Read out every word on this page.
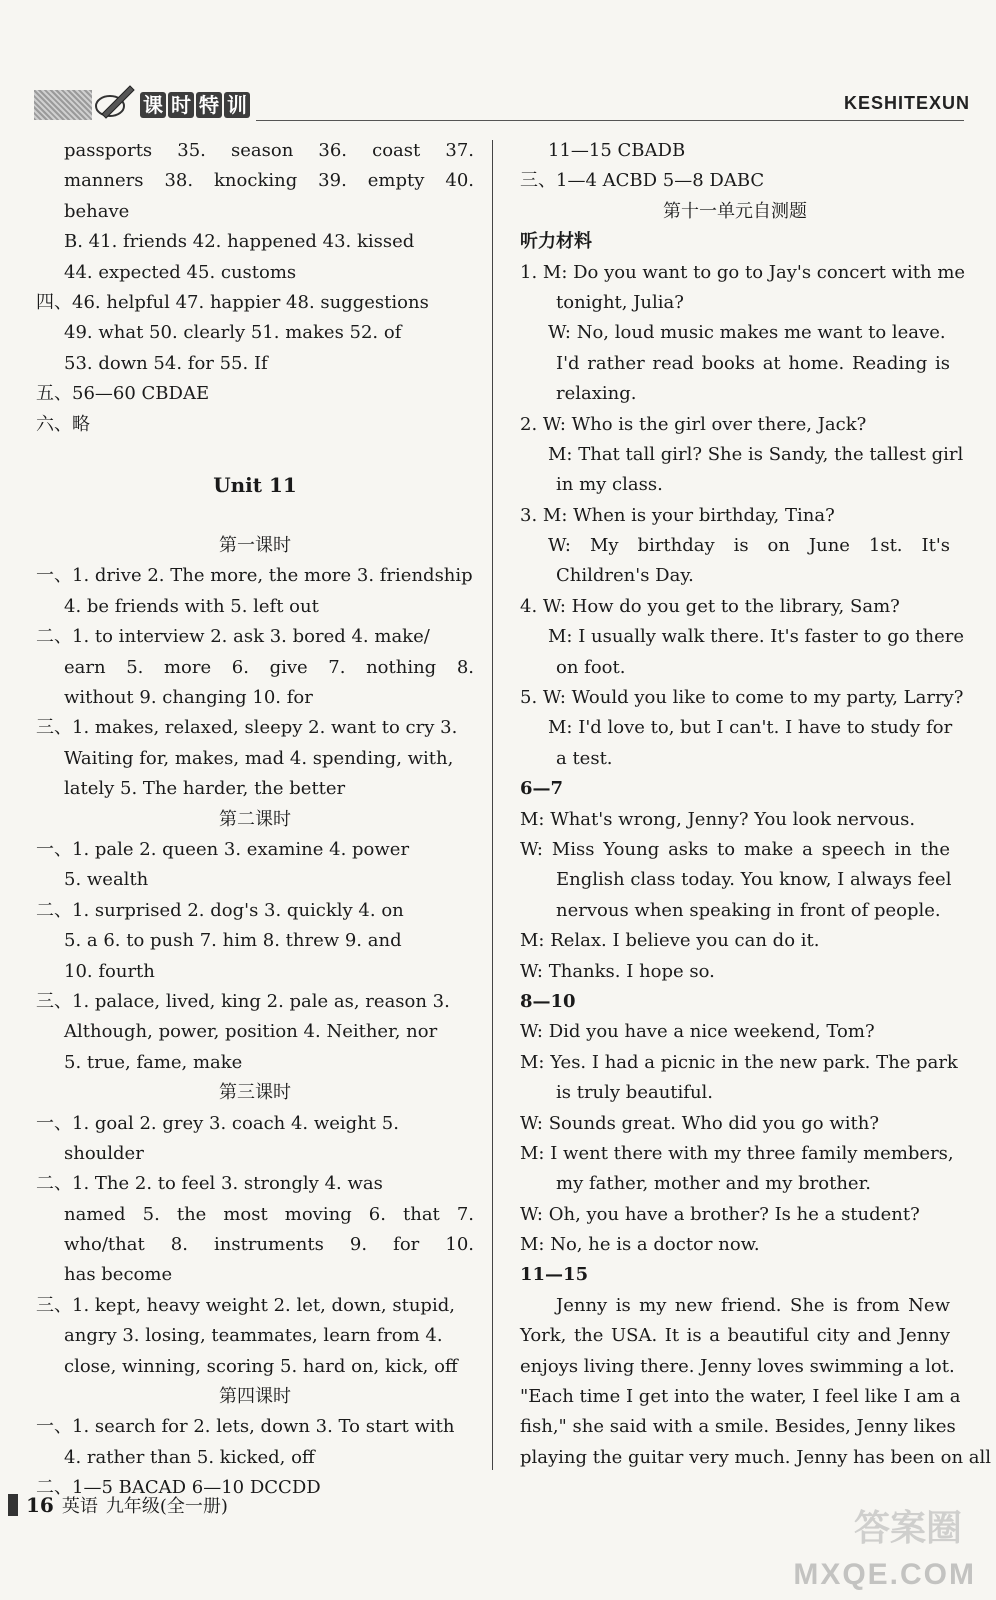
课 时 特 训	KESHITEXUN
passports 35. season 36. coast 37.
manners 38. knocking 39. empty 40.
behave
B. 41. friends 42. happened 43. kissed
44. expected 45. customs
四、46. helpful 47. happier 48. suggestions
49. what 50. clearly 51. makes 52. of
53. down 54. for 55. If
五、56—60 CBDAE
六、略
Unit 11
第一课时
一、1. drive 2. The more, the more 3. friendship
4. be friends with 5. left out
二、1. to interview 2. ask 3. bored 4. make/
earn 5. more 6. give 7. nothing 8.
without 9. changing 10. for
三、1. makes, relaxed, sleepy 2. want to cry 3.
Waiting for, makes, mad 4. spending, with,
lately 5. The harder, the better
第二课时
一、1. pale 2. queen 3. examine 4. power
5. wealth
二、1. surprised 2. dog's 3. quickly 4. on
5. a 6. to push 7. him 8. threw 9. and
10. fourth
三、1. palace, lived, king 2. pale as, reason 3.
Although, power, position 4. Neither, nor
5. true, fame, make
第三课时
一、1. goal 2. grey 3. coach 4. weight 5.
shoulder
二、1. The 2. to feel 3. strongly 4. was
named 5. the most moving 6. that 7.
who/that 8. instruments 9. for 10.
has become
三、1. kept, heavy weight 2. let, down, stupid,
angry 3. losing, teammates, learn from 4.
close, winning, scoring 5. hard on, kick, off
第四课时
一、1. search for 2. lets, down 3. To start with
4. rather than 5. kicked, off
二、1—5 BACAD 6—10 DCCDD
11—15 CBADB
三、1—4 ACBD 5—8 DABC
第十一单元自测题
听力材料
1. M: Do you want to go to Jay's concert with me
tonight, Julia?
W: No, loud music makes me want to leave.
I'd rather read books at home. Reading is
relaxing.
2. W: Who is the girl over there, Jack?
M: That tall girl? She is Sandy, the tallest girl
in my class.
3. M: When is your birthday, Tina?
W: My birthday is on June 1st. It's
Children's Day.
4. W: How do you get to the library, Sam?
M: I usually walk there. It's faster to go there
on foot.
5. W: Would you like to come to my party, Larry?
M: I'd love to, but I can't. I have to study for
a test.
6—7
M: What's wrong, Jenny? You look nervous.
W: Miss Young asks to make a speech in the
English class today. You know, I always feel
nervous when speaking in front of people.
M: Relax. I believe you can do it.
W: Thanks. I hope so.
8—10
W: Did you have a nice weekend, Tom?
M: Yes. I had a picnic in the new park. The park
is truly beautiful.
W: Sounds great. Who did you go with?
M: I went there with my three family members,
my father, mother and my brother.
W: Oh, you have a brother? Is he a student?
M: No, he is a doctor now.
11—15
Jenny is my new friend. She is from New
York, the USA. It is a beautiful city and Jenny
enjoys living there. Jenny loves swimming a lot.
"Each time I get into the water, I feel like I am a
fish," she said with a smile. Besides, Jenny likes
playing the guitar very much. Jenny has been on all
16 英语 九年级(全一册)
答案圈
MXQE.COM
